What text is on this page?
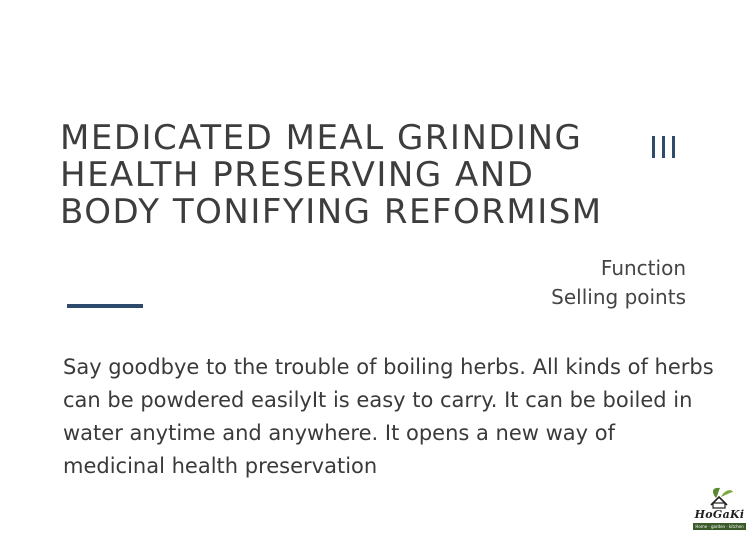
MEDICATED MEAL GRINDING
HEALTH PRESERVING AND
BODY TONIFYING REFORMISM
Function
Selling points

Say goodbye to the trouble of boiling herbs. All kinds of herbs
can be powdered easilyIt is easy to carry. It can be boiled in
water anytime and anywhere. It opens a new way of
medicinal health preservation

HoGaKi
Home · garden · kitchen
